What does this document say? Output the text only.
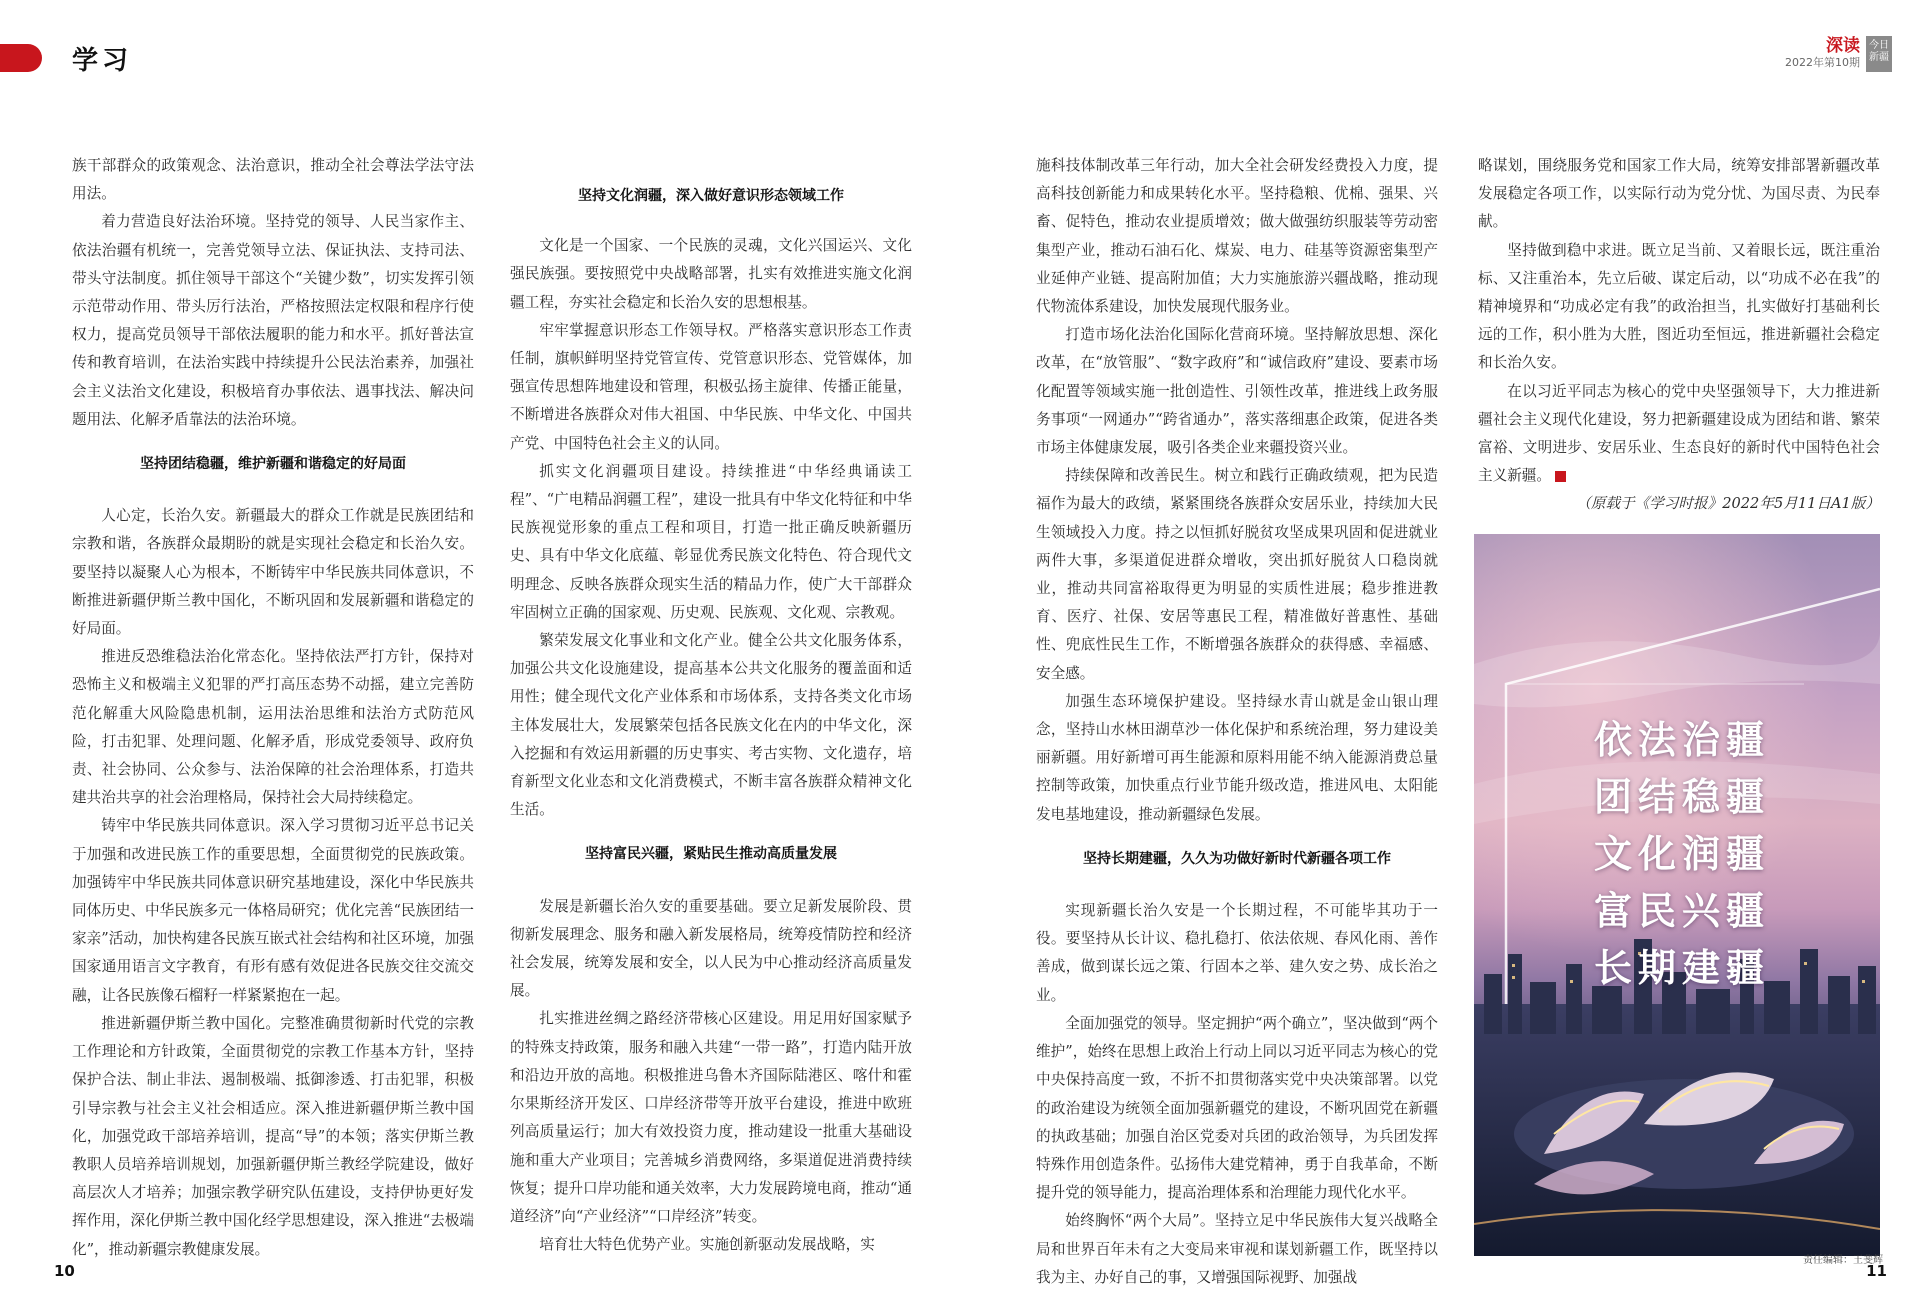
学习	深读
2022年第10期
今日新疆

族干部群众的政策观念、法治意识，推动全社会尊法学法守法用法。

着力营造良好法治环境。坚持党的领导、人民当家作主、依法治疆有机统一，完善党领导立法、保证执法、支持司法、带头守法制度。抓住领导干部这个“关键少数”，切实发挥引领示范带动作用、带头厉行法治，严格按照法定权限和程序行使权力，提高党员领导干部依法履职的能力和水平。抓好普法宣传和教育培训，在法治实践中持续提升公民法治素养，加强社会主义法治文化建设，积极培育办事依法、遇事找法、解决问题用法、化解矛盾靠法的法治环境。

坚持团结稳疆，维护新疆和谐稳定的好局面

人心定，长治久安。新疆最大的群众工作就是民族团结和宗教和谐，各族群众最期盼的就是实现社会稳定和长治久安。要坚持以凝聚人心为根本，不断铸牢中华民族共同体意识，不断推进新疆伊斯兰教中国化，不断巩固和发展新疆和谐稳定的好局面。

推进反恐维稳法治化常态化。坚持依法严打方针，保持对恐怖主义和极端主义犯罪的严打高压态势不动摇，建立完善防范化解重大风险隐患机制，运用法治思维和法治方式防范风险，打击犯罪、处理问题、化解矛盾，形成党委领导、政府负责、社会协同、公众参与、法治保障的社会治理体系，打造共建共治共享的社会治理格局，保持社会大局持续稳定。

铸牢中华民族共同体意识。深入学习贯彻习近平总书记关于加强和改进民族工作的重要思想，全面贯彻党的民族政策。加强铸牢中华民族共同体意识研究基地建设，深化中华民族共同体历史、中华民族多元一体格局研究；优化完善“民族团结一家亲”活动，加快构建各民族互嵌式社会结构和社区环境，加强国家通用语言文字教育，有形有感有效促进各民族交往交流交融，让各民族像石榴籽一样紧紧抱在一起。

推进新疆伊斯兰教中国化。完整准确贯彻新时代党的宗教工作理论和方针政策，全面贯彻党的宗教工作基本方针，坚持保护合法、制止非法、遏制极端、抵御渗透、打击犯罪，积极引导宗教与社会主义社会相适应。深入推进新疆伊斯兰教中国化，加强党政干部培养培训，提高“导”的本领；落实伊斯兰教教职人员培养培训规划，加强新疆伊斯兰教经学院建设，做好高层次人才培养；加强宗教学研究队伍建设，支持伊协更好发挥作用，深化伊斯兰教中国化经学思想建设，深入推进“去极端化”，推动新疆宗教健康发展。

坚持文化润疆，深入做好意识形态领域工作

文化是一个国家、一个民族的灵魂，文化兴国运兴、文化强民族强。要按照党中央战略部署，扎实有效推进实施文化润疆工程，夯实社会稳定和长治久安的思想根基。

牢牢掌握意识形态工作领导权。严格落实意识形态工作责任制，旗帜鲜明坚持党管宣传、党管意识形态、党管媒体，加强宣传思想阵地建设和管理，积极弘扬主旋律、传播正能量，不断增进各族群众对伟大祖国、中华民族、中华文化、中国共产党、中国特色社会主义的认同。

抓实文化润疆项目建设。持续推进“中华经典诵读工程”、“广电精品润疆工程”，建设一批具有中华文化特征和中华民族视觉形象的重点工程和项目，打造一批正确反映新疆历史、具有中华文化底蕴、彰显优秀民族文化特色、符合现代文明理念、反映各族群众现实生活的精品力作，使广大干部群众牢固树立正确的国家观、历史观、民族观、文化观、宗教观。

繁荣发展文化事业和文化产业。健全公共文化服务体系，加强公共文化设施建设，提高基本公共文化服务的覆盖面和适用性；健全现代文化产业体系和市场体系，支持各类文化市场主体发展壮大，发展繁荣包括各民族文化在内的中华文化，深入挖掘和有效运用新疆的历史事实、考古实物、文化遗存，培育新型文化业态和文化消费模式，不断丰富各族群众精神文化生活。

坚持富民兴疆，紧贴民生推动高质量发展

发展是新疆长治久安的重要基础。要立足新发展阶段、贯彻新发展理念、服务和融入新发展格局，统筹疫情防控和经济社会发展，统筹发展和安全，以人民为中心推动经济高质量发展。

扎实推进丝绸之路经济带核心区建设。用足用好国家赋予的特殊支持政策，服务和融入共建“一带一路”，打造内陆开放和沿边开放的高地。积极推进乌鲁木齐国际陆港区、喀什和霍尔果斯经济开发区、口岸经济带等开放平台建设，推进中欧班列高质量运行；加大有效投资力度，推动建设一批重大基础设施和重大产业项目；完善城乡消费网络，多渠道促进消费持续恢复；提升口岸功能和通关效率，大力发展跨境电商，推动“通道经济”向“产业经济”“口岸经济”转变。

培育壮大特色优势产业。实施创新驱动发展战略，实

施科技体制改革三年行动，加大全社会研发经费投入力度，提高科技创新能力和成果转化水平。坚持稳粮、优棉、强果、兴畜、促特色，推动农业提质增效；做大做强纺织服装等劳动密集型产业，推动石油石化、煤炭、电力、硅基等资源密集型产业延伸产业链、提高附加值；大力实施旅游兴疆战略，推动现代物流体系建设，加快发展现代服务业。

打造市场化法治化国际化营商环境。坚持解放思想、深化改革，在“放管服”、“数字政府”和“诚信政府”建设、要素市场化配置等领域实施一批创造性、引领性改革，推进线上政务服务事项“一网通办”“跨省通办”，落实落细惠企政策，促进各类市场主体健康发展，吸引各类企业来疆投资兴业。

持续保障和改善民生。树立和践行正确政绩观，把为民造福作为最大的政绩，紧紧围绕各族群众安居乐业，持续加大民生领域投入力度。持之以恒抓好脱贫攻坚成果巩固和促进就业两件大事，多渠道促进群众增收，突出抓好脱贫人口稳岗就业，推动共同富裕取得更为明显的实质性进展；稳步推进教育、医疗、社保、安居等惠民工程，精准做好普惠性、基础性、兜底性民生工作，不断增强各族群众的获得感、幸福感、安全感。

加强生态环境保护建设。坚持绿水青山就是金山银山理念，坚持山水林田湖草沙一体化保护和系统治理，努力建设美丽新疆。用好新增可再生能源和原料用能不纳入能源消费总量控制等政策，加快重点行业节能升级改造，推进风电、太阳能发电基地建设，推动新疆绿色发展。

坚持长期建疆，久久为功做好新时代新疆各项工作

实现新疆长治久安是一个长期过程，不可能毕其功于一役。要坚持从长计议、稳扎稳打、依法依规、春风化雨、善作善成，做到谋长远之策、行固本之举、建久安之势、成长治之业。

全面加强党的领导。坚定拥护“两个确立”，坚决做到“两个维护”，始终在思想上政治上行动上同以习近平同志为核心的党中央保持高度一致，不折不扣贯彻落实党中央决策部署。以党的政治建设为统领全面加强新疆党的建设，不断巩固党在新疆的执政基础；加强自治区党委对兵团的政治领导，为兵团发挥特殊作用创造条件。弘扬伟大建党精神，勇于自我革命，不断提升党的领导能力，提高治理体系和治理能力现代化水平。

始终胸怀“两个大局”。坚持立足中华民族伟大复兴战略全局和世界百年未有之大变局来审视和谋划新疆工作，既坚持以我为主、办好自己的事，又增强国际视野、加强战

略谋划，围绕服务党和国家工作大局，统筹安排部署新疆改革发展稳定各项工作，以实际行动为党分忧、为国尽责、为民奉献。

坚持做到稳中求进。既立足当前、又着眼长远，既注重治标、又注重治本，先立后破、谋定后动，以“功成不必在我”的精神境界和“功成必定有我”的政治担当，扎实做好打基础利长远的工作，积小胜为大胜，图近功至恒远，推进新疆社会稳定和长治久安。

在以习近平同志为核心的党中央坚强领导下，大力推进新疆社会主义现代化建设，努力把新疆建设成为团结和谐、繁荣富裕、文明进步、安居乐业、生态良好的新时代中国特色社会主义新疆。

（原载于《学习时报》2022年5月11日A1版）

依法治疆
团结稳疆
文化润疆
富民兴疆
长期建疆
责任编辑：王斐辉
10	11
